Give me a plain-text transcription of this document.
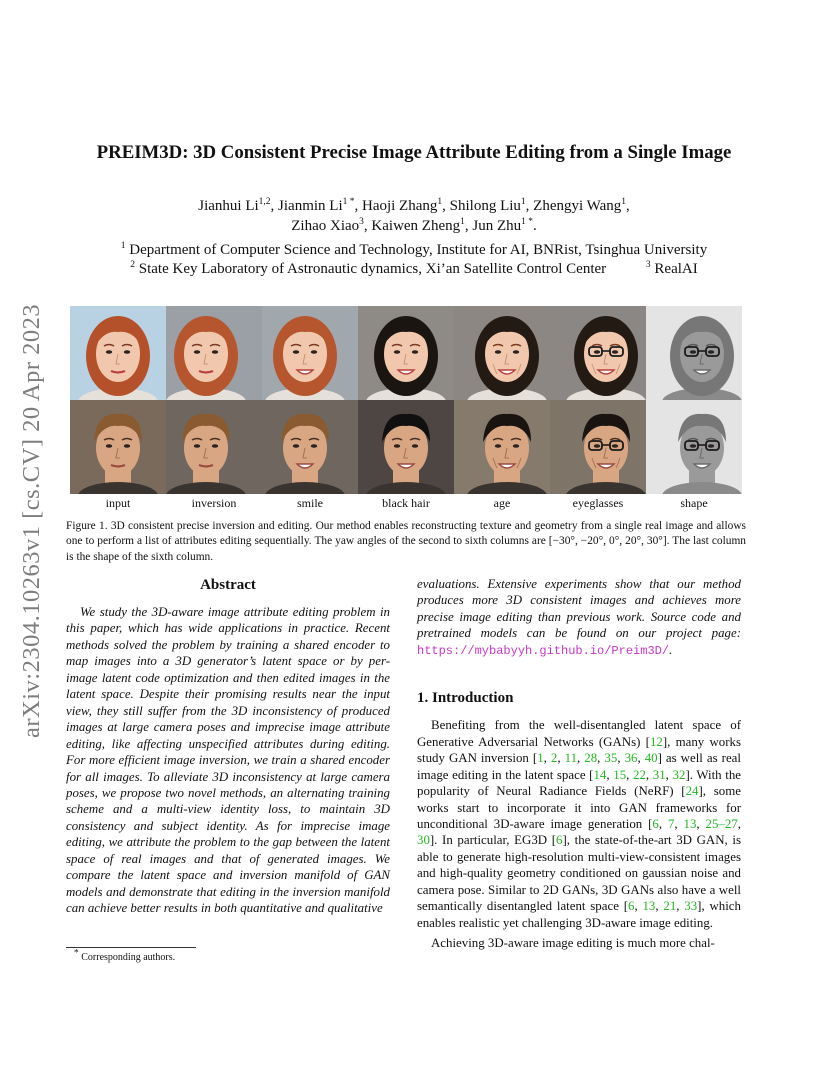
arXiv:2304.10263v1 [cs.CV] 20 Apr 2023
PREIM3D: 3D Consistent Precise Image Attribute Editing from a Single Image
Jianhui Li$^{1,2}$, Jianmin $Li^{1 *}$, Haoji Zhang$^1$, Shilong Liu$^1$, Zhengyi Wang$^1$,
Zihao Xiao$^3$, Kaiwen Zheng$^1$, Jun Zhu$^{1 *}$.
$^1$ Department of Computer Science and Technology, Institute for AI, BNRist, Tsinghua University
$^2$ State Key Laboratory of Astronautic dynamics, Xi’an Satellite Control Center	$^3$ RealAI
input	inversion	smile	black hair	age	eyeglasses	shape
Figure 1. 3D consistent precise inversion and editing. Our method enables reconstructing texture and geometry from a single real image and allows one to perform a list of attributes editing sequentially. The yaw angles of the second to sixth columns are [−30°, −20°, 0°, 20°, 30°]. The last column is the shape of the sixth column.
Abstract

We study the 3D-aware image attribute editing problem in this paper, which has wide applications in practice. Recent methods solved the problem by training a shared encoder to map images into a 3D generator’s latent space or by per-image latent code optimization and then edited images in the latent space. Despite their promising results near the input view, they still suffer from the 3D inconsistency of produced images at large camera poses and imprecise image attribute editing, like affecting unspecified attributes during editing. For more efficient image inversion, we train a shared encoder for all images. To alleviate 3D inconsistency at large camera poses, we propose two novel methods, an alternating training scheme and a multi-view identity loss, to maintain 3D consistency and subject identity. As for imprecise image editing, we attribute the problem to the gap between the latent space of real images and that of generated images. We compare the latent space and inversion manifold of GAN models and demonstrate that editing in the inversion manifold can achieve better results in both quantitative and qualitative

evaluations. Extensive experiments show that our method produces more 3D consistent images and achieves more precise image editing than previous work. Source code and pretrained models can be found on our project page: https://mybabyyh.github.io/Preim3D/.

1. Introduction

Benefiting from the well-disentangled latent space of Generative Adversarial Networks (GANs) [12], many works study GAN inversion [1, 2, 11, 28, 35, 36, 40] as well as real image editing in the latent space [14, 15, 22, 31, 32]. With the popularity of Neural Radiance Fields (NeRF) [24], some works start to incorporate it into GAN frameworks for unconditional 3D-aware image generation [6, 7, 13, 25–27, 30]. In particular, EG3D [6], the state-of-the-art 3D GAN, is able to generate high-resolution multi-view-consistent images and high-quality geometry conditioned on gaussian noise and camera pose. Similar to 2D GANs, 3D GANs also have a well semantically disentangled latent space [6, 13, 21, 33], which enables realistic yet challenging 3D-aware image editing.

Achieving 3D-aware image editing is much more chal-

* Corresponding authors.
